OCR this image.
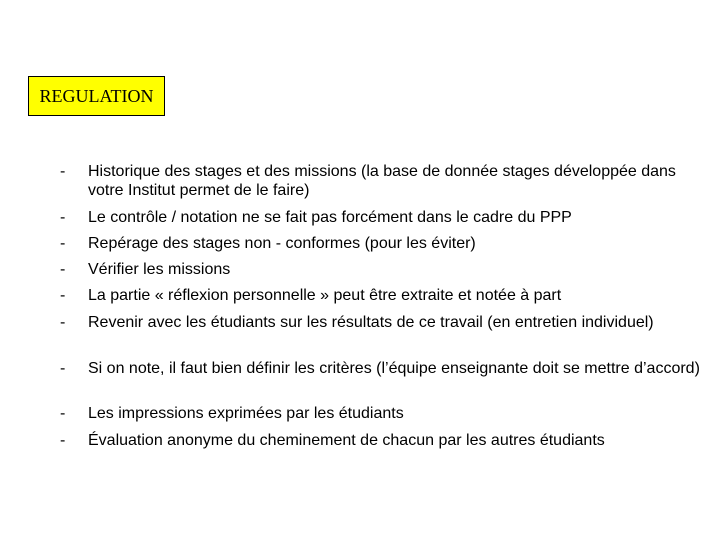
REGULATION
-	Historique des stages et des missions (la base de donnée stages développée dans votre Institut permet de le faire)
-	Le contrôle / notation ne se fait pas forcément dans le cadre du PPP
-	Repérage des stages non - conformes (pour les éviter)
-	Vérifier les missions
-	La partie « réflexion personnelle » peut être extraite et notée à part
-	Revenir avec les étudiants sur les résultats de ce travail (en entretien individuel)
-	Si on note, il faut bien définir les critères (l’équipe enseignante doit se mettre d’accord)
-	Les impressions exprimées par les étudiants
-	Évaluation anonyme du cheminement de chacun par les autres étudiants
